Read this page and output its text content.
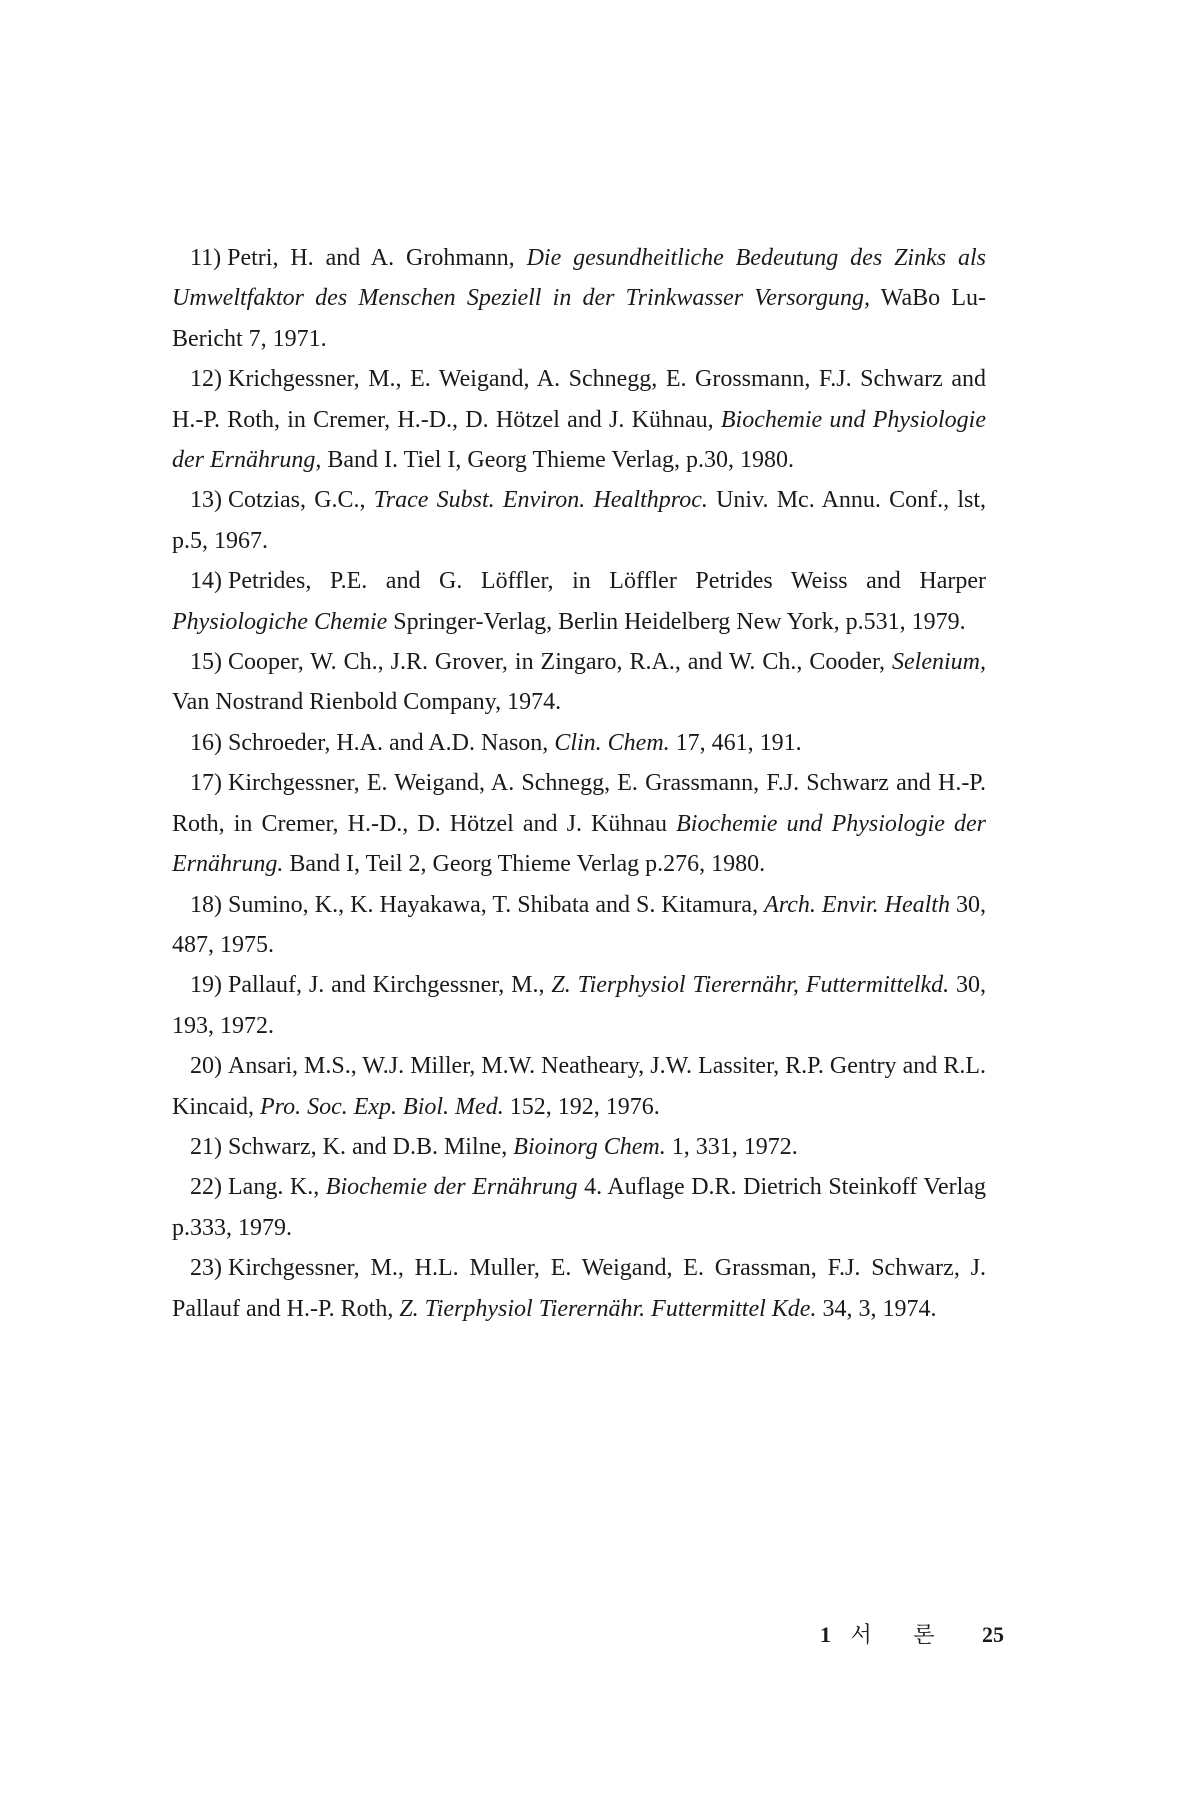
11) Petri, H. and A. Grohmann, Die gesundheitliche Bedeutung des Zinks als Umweltfaktor des Menschen Speziell in der Trinkwasser Versorgung, WaBo Lu-Bericht 7, 1971.

12) Krichgessner, M., E. Weigand, A. Schnegg, E. Grossmann, F.J. Schwarz and H.-P. Roth, in Cremer, H.-D., D. Hötzel and J. Kühnau, Biochemie und Physiologie der Ernährung, Band I. Tiel I, Georg Thieme Verlag, p.30, 1980.

13) Cotzias, G.C., Trace Subst. Environ. Healthproc. Univ. Mc. Annu. Conf., lst, p.5, 1967.

14) Petrides, P.E. and G. Löffler, in Löffler Petrides Weiss and Harper Physiologiche Chemie Springer-Verlag, Berlin Heidelberg New York, p.531, 1979.

15) Cooper, W. Ch., J.R. Grover, in Zingaro, R.A., and W. Ch., Cooder, Selenium, Van Nostrand Rienbold Company, 1974.

16) Schroeder, H.A. and A.D. Nason, Clin. Chem. 17, 461, 191.

17) Kirchgessner, E. Weigand, A. Schnegg, E. Grassmann, F.J. Schwarz and H.-P. Roth, in Cremer, H.-D., D. Hötzel and J. Kühnau Biochemie und Physiologie der Ernährung. Band I, Teil 2, Georg Thieme Verlag p.276, 1980.

18) Sumino, K., K. Hayakawa, T. Shibata and S. Kitamura, Arch. Envir. Health 30, 487, 1975.

19) Pallauf, J. and Kirchgessner, M., Z. Tierphysiol Tierernähr, Futtermittelkd. 30, 193, 1972.

20) Ansari, M.S., W.J. Miller, M.W. Neatheary, J.W. Lassiter, R.P. Gentry and R.L. Kincaid, Pro. Soc. Exp. Biol. Med. 152, 192, 1976.

21) Schwarz, K. and D.B. Milne, Bioinorg Chem. 1, 331, 1972.

22) Lang. K., Biochemie der Ernährung 4. Auflage D.R. Dietrich Steinkoff Verlag p.333, 1979.

23) Kirchgessner, M., H.L. Muller, E. Weigand, E. Grassman, F.J. Schwarz, J. Pallauf and H.-P. Roth, Z. Tierphysiol Tierernähr. Futtermittel Kde. 34, 3, 1974.

1 서 론 25
